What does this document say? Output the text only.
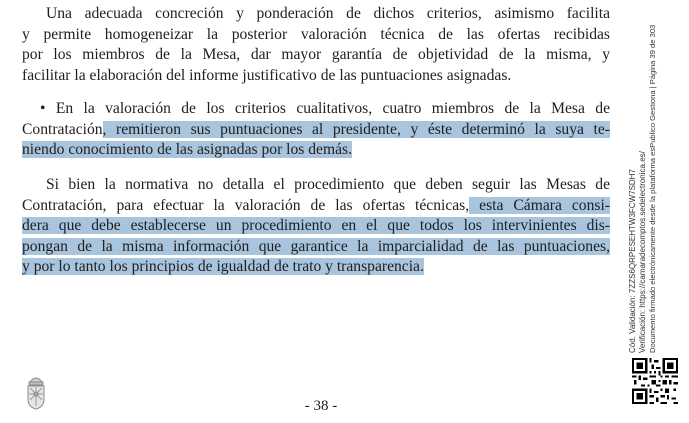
Una adecuada concreción y ponderación de dichos criterios, asimismo facilita
y permite homogeneizar la posterior valoración técnica de las ofertas recibidas
por los miembros de la Mesa, dar mayor garantía de objetividad de la misma, y
facilitar la elaboración del informe justificativo de las puntuaciones asignadas.
• En la valoración de los criterios cualitativos, cuatro miembros de la Mesa de
Contratación, remitieron sus puntuaciones al presidente, y éste determinó la suya te-
niendo conocimiento de las asignadas por los demás.
Si bien la normativa no detalla el procedimiento que deben seguir las Mesas de
Contratación, para efectuar la valoración de las ofertas técnicas, esta Cámara consi-
dera que debe establecerse un procedimiento en el que todos los intervinientes dis-
pongan de la misma información que garantice la imparcialidad de las puntuaciones,
y por lo tanto los principios de igualdad de trato y transparencia.	Cód. Validación: 7ZZS6QRPESEHTW3FCW7SDH7 Verificación: https://camaradecomptos.sedelectronica.es/ Documento firmado electrónicamente desde la plataforma esPublico Gestiona | Página 39 de 303
- 38 -
